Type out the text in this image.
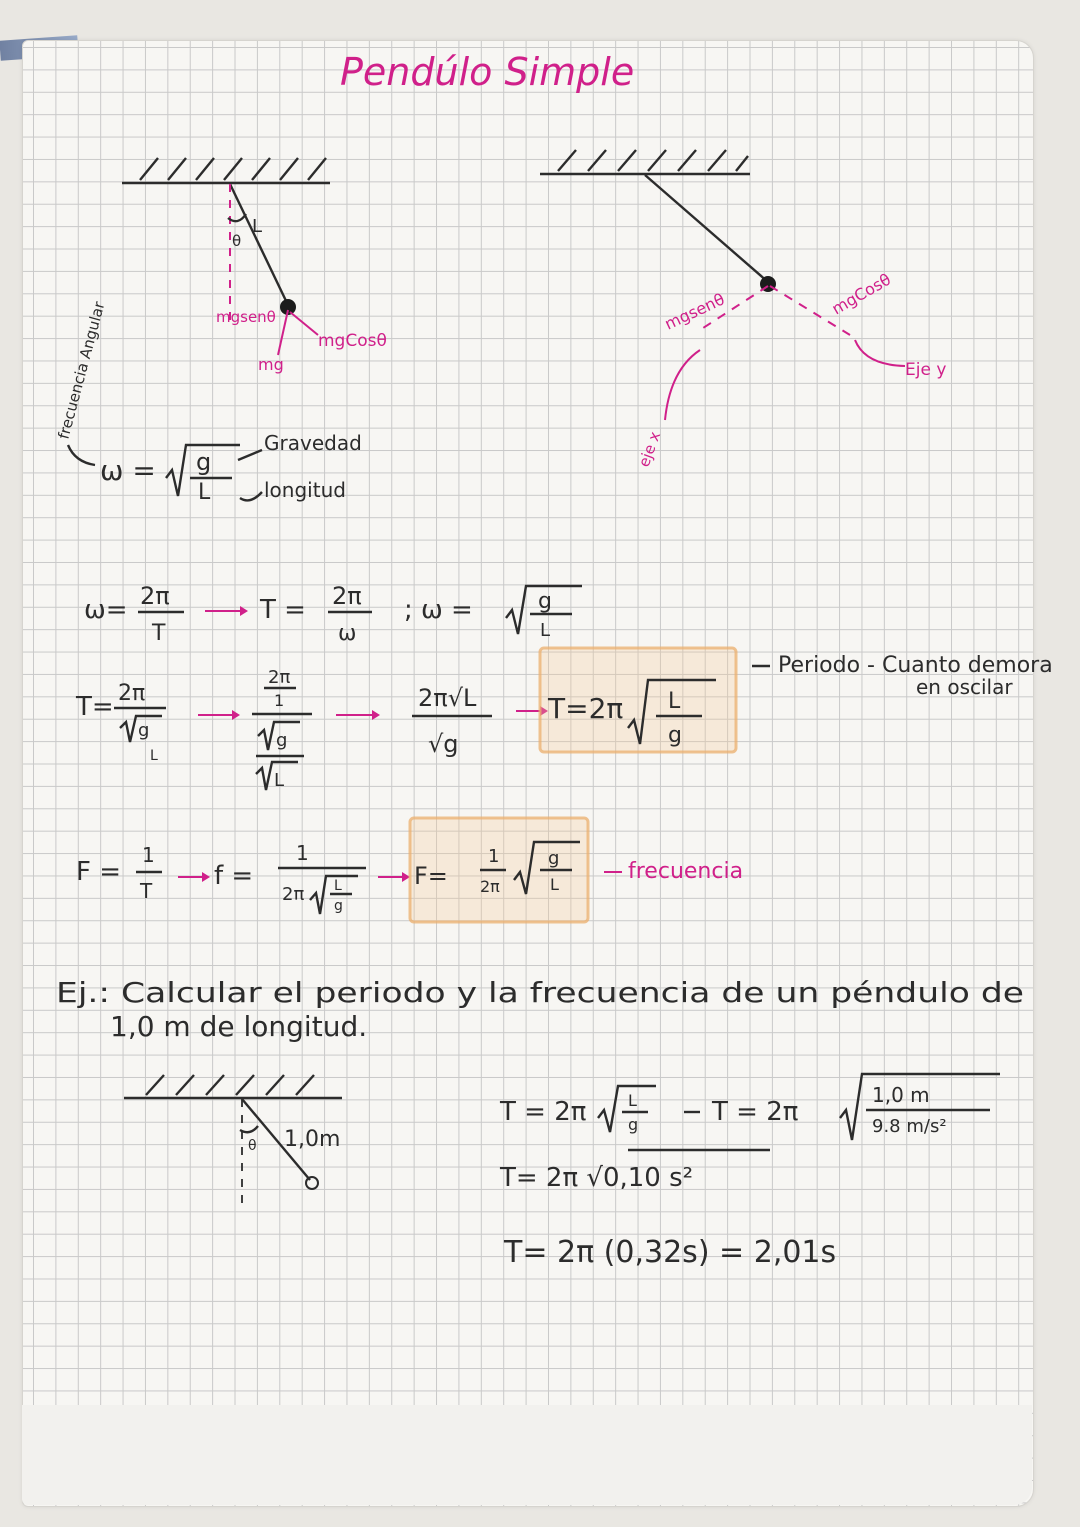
Pendúlo Simple
θ
L
mgsenθ
mgCosθ
mg
mgsenθ	mgCosθ
eje x
Eje y
frecuencia Angular
ω = g
L
Gravedad
longitud
ω= 2π
T
T = 2π
ω
; ω =	g
L
T= 2π
g
L
2π
1
g
L
2π√L
√g
T=2π L
g
Periodo - Cuanto demora
en oscilar
F =
1
T f =
1
2π L
g
F=
1
2π
g
L
frecuencia
Ej.: Calcular el periodo y la frecuencia de un péndulo de
1,0 m de longitud.
θ 1,0m
T = 2π	L
g	T = 2π
1,0 m
9.8 m/s²
T= 2π √0,10 s²
T= 2π (0,32s) = 2,01s
